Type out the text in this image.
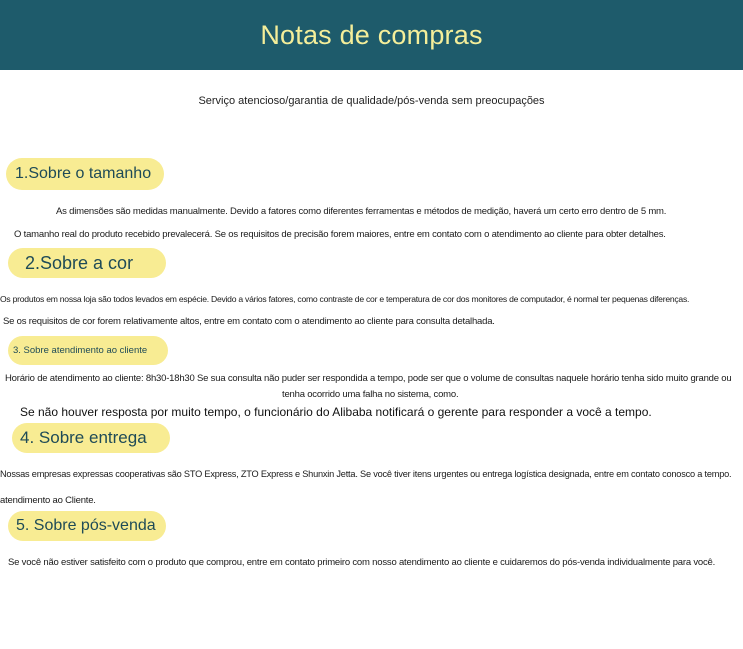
Notas de compras
Serviço atencioso/garantia de qualidade/pós-venda sem preocupações
1.Sobre o tamanho
As dimensões são medidas manualmente. Devido a fatores como diferentes ferramentas e métodos de medição, haverá um certo erro dentro de 5 mm.
O tamanho real do produto recebido prevalecerá. Se os requisitos de precisão forem maiores, entre em contato com o atendimento ao cliente para obter detalhes.
2.Sobre a cor
Os produtos em nossa loja são todos levados em espécie. Devido a vários fatores, como contraste de cor e temperatura de cor dos monitores de computador, é normal ter pequenas diferenças.
Se os requisitos de cor forem relativamente altos, entre em contato com o atendimento ao cliente para consulta detalhada.
3. Sobre atendimento ao cliente
Horário de atendimento ao cliente: 8h30-18h30 Se sua consulta não puder ser respondida a tempo, pode ser que o volume de consultas naquele horário tenha sido muito grande ou
tenha ocorrido uma falha no sistema, como.
Se não houver resposta por muito tempo, o funcionário do Alibaba notificará o gerente para responder a você a tempo.
4. Sobre entrega
Nossas empresas expressas cooperativas são STO Express, ZTO Express e Shunxin Jetta. Se você tiver itens urgentes ou entrega logística designada, entre em contato conosco a tempo.
atendimento ao Cliente.
5. Sobre pós-venda
Se você não estiver satisfeito com o produto que comprou, entre em contato primeiro com nosso atendimento ao cliente e cuidaremos do pós-venda individualmente para você.
